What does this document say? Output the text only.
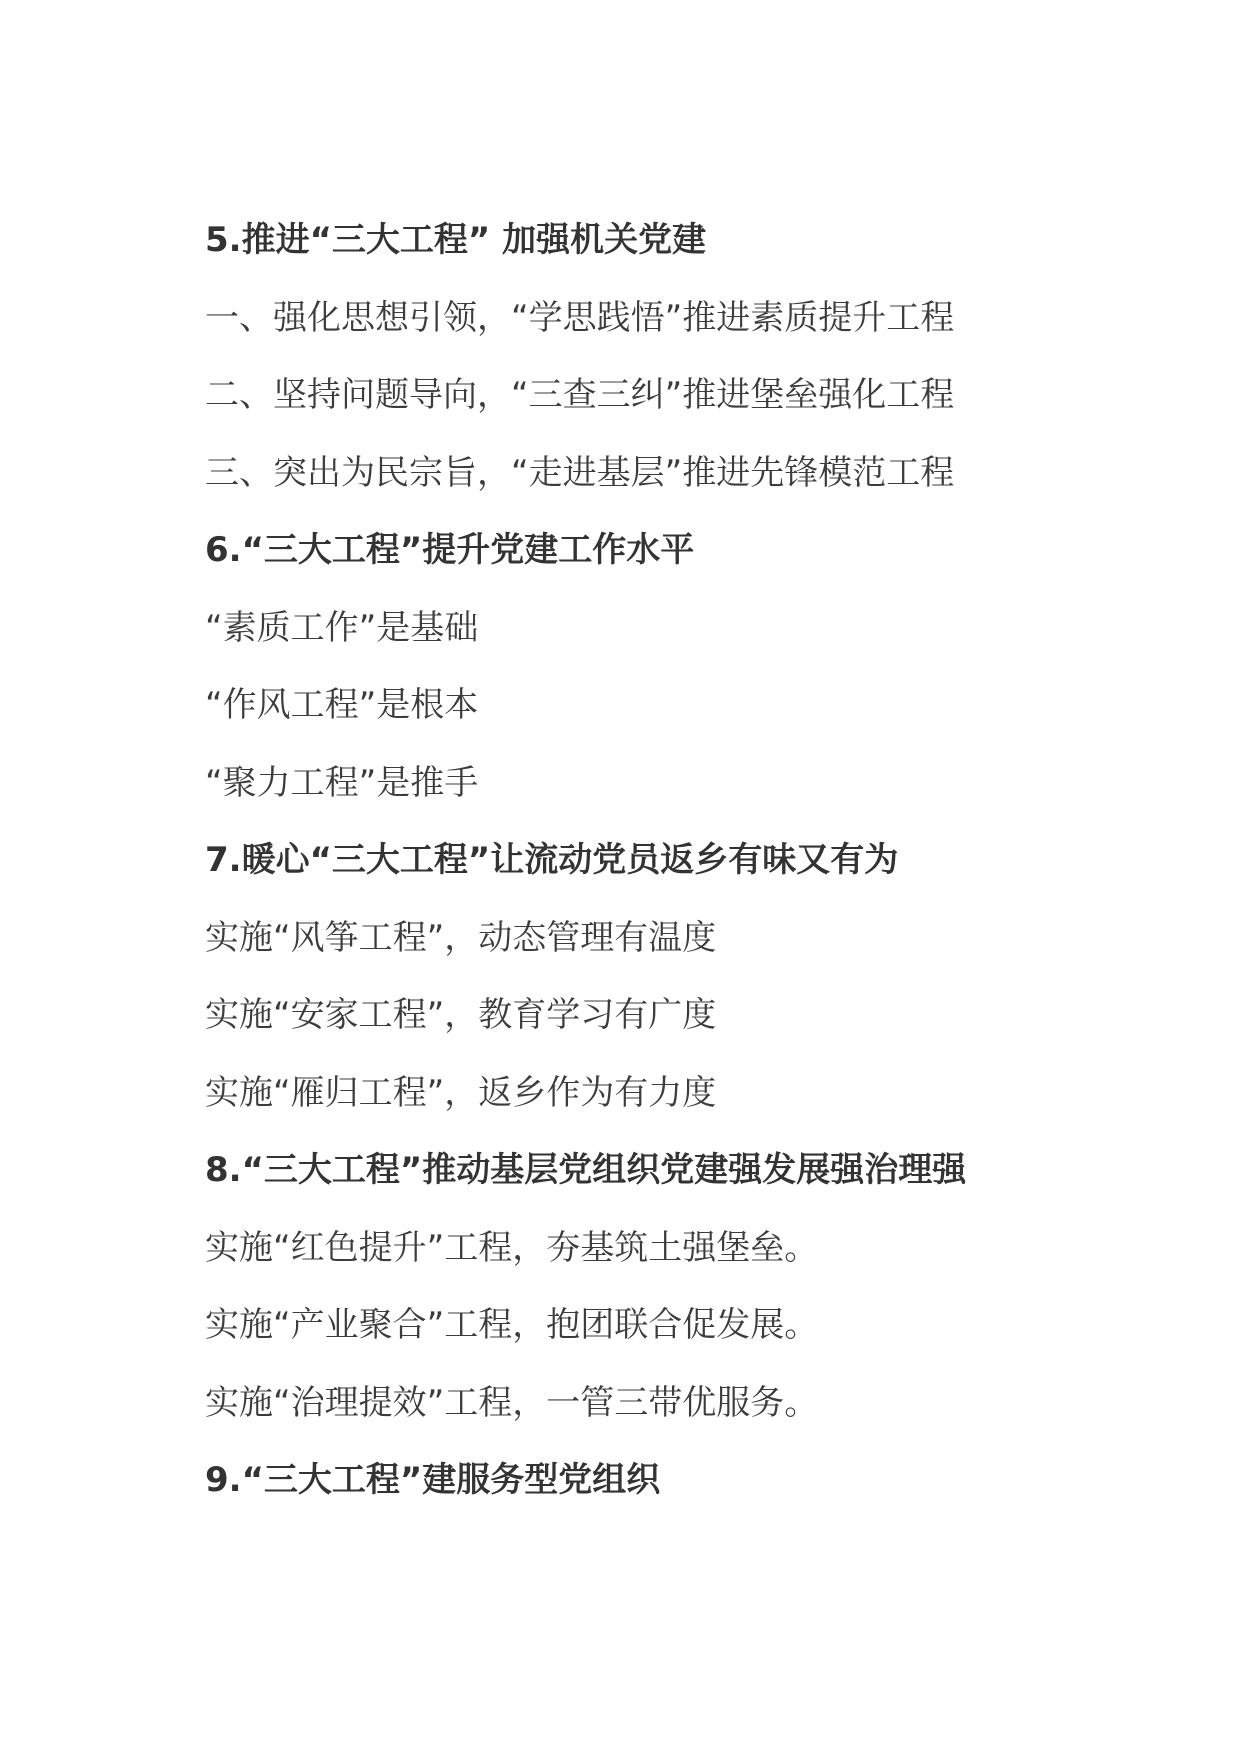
5.推进“三大工程” 加强机关党建
一、强化思想引领，“学思践悟”推进素质提升工程
二、坚持问题导向，“三查三纠”推进堡垒强化工程
三、突出为民宗旨，“走进基层”推进先锋模范工程
6.“三大工程”提升党建工作水平
“素质工作”是基础
“作风工程”是根本
“聚力工程”是推手
7.暖心“三大工程”让流动党员返乡有味又有为
实施“风筝工程”，动态管理有温度
实施“安家工程”，教育学习有广度
实施“雁归工程”，返乡作为有力度
8.“三大工程”推动基层党组织党建强发展强治理强
实施“红色提升”工程，夯基筑土强堡垒。
实施“产业聚合”工程，抱团联合促发展。
实施“治理提效”工程，一管三带优服务。
9.“三大工程”建服务型党组织
